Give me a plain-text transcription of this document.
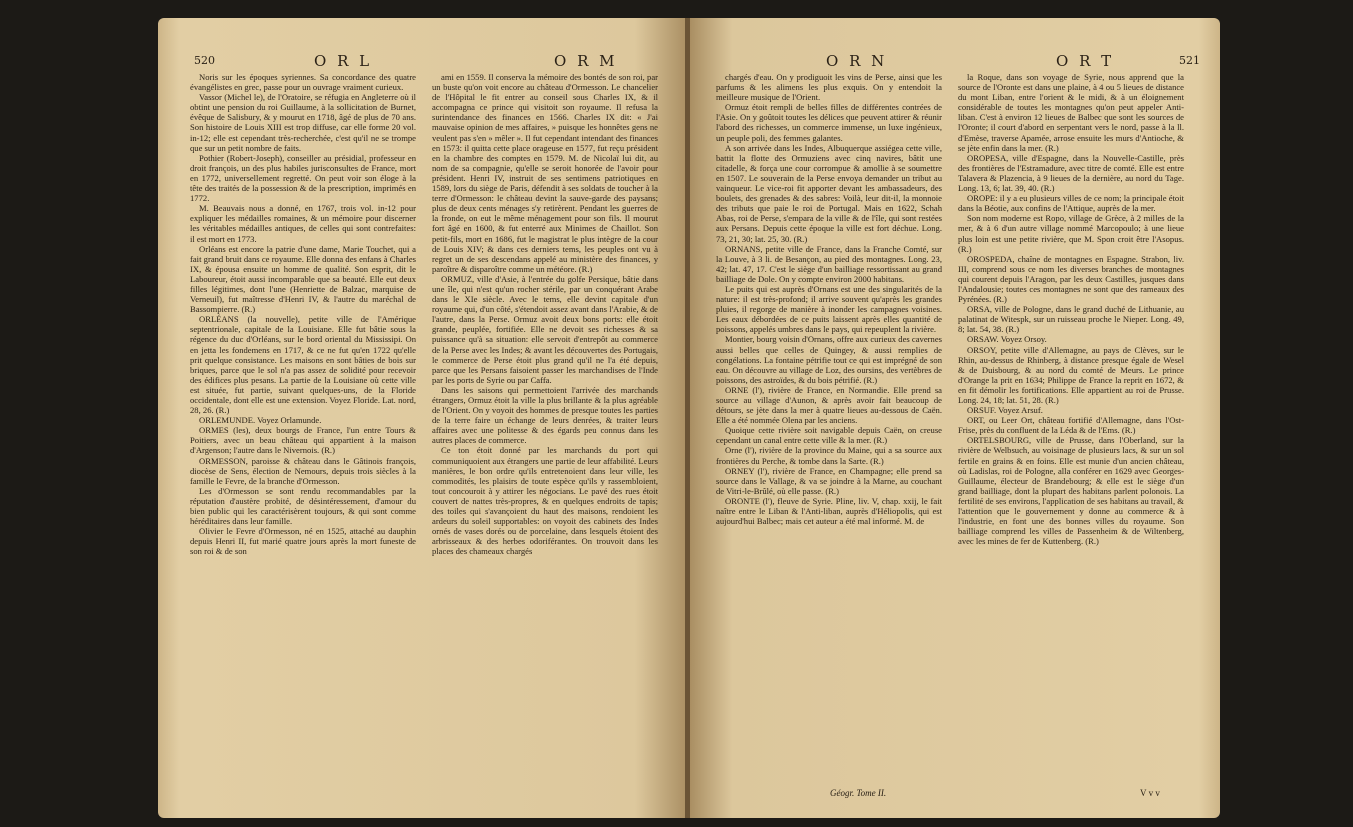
520	O R L	O R M

Noris sur les époques syriennes. Sa concordance des quatre évangélistes en grec, passe pour un ouvrage vraiment curieux.

Vassor (Michel le), de l'Oratoire, se réfugia en Angleterre où il obtint une pension du roi Guillaume, à la sollicitation de Burnet, évêque de Salisbury, & y mourut en 1718, âgé de plus de 70 ans. Son histoire de Louis XIII est trop diffuse, car elle forme 20 vol. in-12; elle est cependant très-recherchée, c'est qu'il ne se trompe que sur un petit nombre de faits.

Pothier (Robert-Joseph), conseiller au présidial, professeur en droit françois, un des plus habiles jurisconsultes de France, mort en 1772, universellement regretté. On peut voir son éloge à la tête des traités de la possession & de la prescription, imprimés en 1772.

M. Beauvais nous a donné, en 1767, trois vol. in-12 pour expliquer les médailles romaines, & un mémoire pour discerner les véritables médailles antiques, de celles qui sont contrefaites: il est mort en 1773.

Orléans est encore la patrie d'une dame, Marie Touchet, qui a fait grand bruit dans ce royaume. Elle donna des enfans à Charles IX, & épousa ensuite un homme de qualité. Son esprit, dit le Laboureur, étoit aussi incomparable que sa beauté. Elle eut deux filles légitimes, dont l'une (Henriette de Balzac, marquise de Verneuil), fut maîtresse d'Henri IV, & l'autre du maréchal de Bassompierre. (R.)

ORLÉANS (la nouvelle), petite ville de l'Amérique septentrionale, capitale de la Louisiane. Elle fut bâtie sous la régence du duc d'Orléans, sur le bord oriental du Mississipi. On en jetta les fondemens en 1717, & ce ne fut qu'en 1722 qu'elle prit quelque consistance. Les maisons en sont bâties de bois sur briques, parce que le sol n'a pas assez de solidité pour recevoir des édifices plus pesans. La partie de la Louisiane où cette ville est située, fut partie, suivant quelques-uns, de la Floride occidentale, dont elle est une extension. Voyez Floride. Lat. nord, 28, 26. (R.)

ORLEMUNDE. Voyez Orlamunde.

ORMES (les), deux bourgs de France, l'un entre Tours & Poitiers, avec un beau château qui appartient à la maison d'Argenson; l'autre dans le Nivernois. (R.)

ORMESSON, paroisse & château dans le Gâtinois françois, diocèse de Sens, élection de Nemours, depuis trois siècles à la famille le Fevre, de la branche d'Ormesson.

Les d'Ormesson se sont rendu recommandables par la réputation d'austère probité, de désintéressement, d'amour du bien public qui les caractérisèrent toujours, & qui sont comme héréditaires dans leur famille.

Olivier le Fevre d'Ormesson, né en 1525, attaché au dauphin depuis Henri II, fut marié quatre jours après la mort funeste de son roi & de son

ami en 1559. Il conserva la mémoire des bontés de son roi, par un buste qu'on voit encore au château d'Ormesson. Le chancelier de l'Hôpital le fit entrer au conseil sous Charles IX, & il accompagna ce prince qui visitoit son royaume. Il refusa la surintendance des finances en 1566. Charles IX dit: « J'ai mauvaise opinion de mes affaires, » puisque les honnêtes gens ne veulent pas s'en » mêler ». Il fut cependant intendant des finances en 1573: il quitta cette place orageuse en 1577, fut reçu président en la chambre des comptes en 1579. M. de Nicolaï lui dit, au nom de sa compagnie, qu'elle se seroit honorée de l'avoir pour président. Henri IV, instruit de ses sentimens patriotiques en 1589, lors du siège de Paris, défendit à ses soldats de toucher à la terre d'Ormesson: le château devint la sauve-garde des paysans; plus de deux cents ménages s'y retirèrent. Pendant les guerres de la fronde, on eut le même ménagement pour son fils. Il mourut fort âgé en 1600, & fut enterré aux Minimes de Chaillot. Son petit-fils, mort en 1686, fut le magistrat le plus intègre de la cour de Louis XIV; & dans ces derniers tems, les peuples ont vu à regret un de ses descendans appelé au ministère des finances, y paroître & disparoître comme un météore. (R.)

ORMUZ, ville d'Asie, à l'entrée du golfe Persique, bâtie dans une île, qui n'est qu'un rocher stérile, par un conquérant Arabe dans le XIe siècle. Avec le tems, elle devint capitale d'un royaume qui, d'un côté, s'étendoit assez avant dans l'Arabie, & de l'autre, dans la Perse. Ormuz avoit deux bons ports: elle étoit grande, peuplée, fortifiée. Elle ne devoit ses richesses & sa puissance qu'à sa situation: elle servoit d'entrepôt au commerce de la Perse avec les Indes; & avant les découvertes des Portugais, le commerce de Perse étoit plus grand qu'il ne l'a été depuis, parce que les Persans faisoient passer les marchandises de l'Inde par les ports de Syrie ou par Caffa.

Dans les saisons qui permettoient l'arrivée des marchands étrangers, Ormuz étoit la ville la plus brillante & la plus agréable de l'Orient. On y voyoit des hommes de presque toutes les parties de la terre faire un échange de leurs denrées, & traiter leurs affaires avec une politesse & des égards peu connus dans les autres places de commerce.

Ce ton étoit donné par les marchands du port qui communiquoient aux étrangers une partie de leur affabilité. Leurs manières, le bon ordre qu'ils entretenoient dans leur ville, les commodités, les plaisirs de toute espèce qu'ils y rassembloient, tout concouroit à y attirer les négocians. Le pavé des rues étoit couvert de nattes très-propres, & en quelques endroits de tapis; des toiles qui s'avançoient du haut des maisons, rendoient les ardeurs du soleil supportables: on voyoit des cabinets des Indes ornés de vases dorés ou de porcelaine, dans lesquels étoient des arbrisseaux & des herbes odoriférantes. On trouvoit dans les places des chameaux chargés

521
O R N	O R T

chargés d'eau. On y prodiguoit les vins de Perse, ainsi que les parfums & les alimens les plus exquis. On y entendoit la meilleure musique de l'Orient.

Ormuz étoit rempli de belles filles de différentes contrées de l'Asie. On y goûtoit toutes les délices que peuvent attirer & réunir l'abord des richesses, un commerce immense, un luxe ingénieux, un peuple poli, des femmes galantes.

A son arrivée dans les Indes, Albuquerque assiégea cette ville, battit la flotte des Ormuziens avec cinq navires, bâtit une citadelle, & força une cour corrompue & amollie à se soumettre en 1507. Le souverain de la Perse envoya demander un tribut au vainqueur. Le vice-roi fit apporter devant les ambassadeurs, des boulets, des grenades & des sabres: Voilà, leur dit-il, la monnoie des tributs que paie le roi de Portugal. Mais en 1622, Schah Abas, roi de Perse, s'empara de la ville & de l'île, qui sont restées aux Persans. Depuis cette époque la ville est fort déchue. Long. 73, 21, 30; lat. 25, 30. (R.)

ORNANS, petite ville de France, dans la Franche Comté, sur la Louve, à 3 li. de Besançon, au pied des montagnes. Long. 23, 42; lat. 47, 17. C'est le siège d'un bailliage ressortissant au grand bailliage de Dole. On y compte environ 2000 habitans.

Le puits qui est auprès d'Ornans est une des singularités de la nature: il est très-profond; il arrive souvent qu'après les grandes pluies, il regorge de manière à inonder les campagnes voisines. Les eaux débordées de ce puits laissent après elles quantité de poissons, appelés umbres dans le pays, qui repeuplent la rivière.

Montier, bourg voisin d'Ornans, offre aux curieux des cavernes aussi belles que celles de Quingey, & aussi remplies de congélations. La fontaine pétrifie tout ce qui est imprégné de son eau. On découvre au village de Loz, des oursins, des vertèbres de poissons, des astroïdes, & du bois pétrifié. (R.)

ORNE (l'), rivière de France, en Normandie. Elle prend sa source au village d'Aunon, & après avoir fait beaucoup de détours, se jète dans la mer à quatre lieues au-dessous de Caën. Elle a été nommée Olena par les anciens.

Quoique cette rivière soit navigable depuis Caën, on creuse cependant un canal entre cette ville & la mer. (R.)

Orne (l'), rivière de la province du Maine, qui a sa source aux frontières du Perche, & tombe dans la Sarte. (R.)

ORNEY (l'), rivière de France, en Champagne; elle prend sa source dans le Vallage, & va se joindre à la Marne, au couchant de Vitri-le-Brûlé, où elle passe. (R.)

ORONTE (l'), fleuve de Syrie. Pline, liv. V, chap. xxij, le fait naître entre le Liban & l'Anti-liban, auprès d'Héliopolis, qui est aujourd'hui Balbec; mais cet auteur a été mal informé. M. de

la Roque, dans son voyage de Syrie, nous apprend que la source de l'Oronte est dans une plaine, à 4 ou 5 lieues de distance du mont Liban, entre l'orient & le midi, & à un éloignement considérable de toutes les montagnes qu'on peut appeler Anti-liban. C'est à environ 12 lieues de Balbec que sont les sources de l'Oronte; il court d'abord en serpentant vers le nord, passe à la ll. d'Emèse, traverse Apamée, arrose ensuite les murs d'Antioche, & se jète enfin dans la mer. (R.)

OROPESA, ville d'Espagne, dans la Nouvelle-Castille, près des frontières de l'Estramadure, avec titre de comté. Elle est entre Talavera & Plazencia, à 9 lieues de la dernière, au nord du Tage. Long. 13, 6; lat. 39, 40. (R.)

OROPE: il y a eu plusieurs villes de ce nom; la principale étoit dans la Béotie, aux confins de l'Attique, auprès de la mer.

Son nom moderne est Ropo, village de Grèce, à 2 milles de la mer, & à 6 d'un autre village nommé Marcopoulo; à une lieue plus loin est une petite rivière, que M. Spon croit être l'Asopus. (R.)

OROSPEDA, chaîne de montagnes en Espagne. Strabon, liv. III, comprend sous ce nom les diverses branches de montagnes qui courent depuis l'Aragon, par les deux Castilles, jusques dans l'Andalousie; toutes ces montagnes ne sont que des rameaux des Pyrénées. (R.)

ORSA, ville de Pologne, dans le grand duché de Lithuanie, au palatinat de Witespk, sur un ruisseau proche le Nieper. Long. 49, 8; lat. 54, 38. (R.)

ORSAW. Voyez Orsoy.

ORSOY, petite ville d'Allemagne, au pays de Clèves, sur le Rhin, au-dessus de Rhinberg, à distance presque égale de Wesel & de Duisbourg, & au nord du comté de Meurs. Le prince d'Orange la prit en 1634; Philippe de France la reprit en 1672, & en fit démolir les fortifications. Elle appartient au roi de Prusse. Long. 24, 18; lat. 51, 28. (R.)

ORSUF. Voyez Arsuf.

ORT, ou Leer Ort, château fortifié d'Allemagne, dans l'Ost-Frise, près du confluent de la Léda & de l'Ems. (R.)

ORTELSBOURG, ville de Prusse, dans l'Oberland, sur la rivière de Welbsuch, au voisinage de plusieurs lacs, & sur un sol fertile en grains & en foins. Elle est munie d'un ancien château, où Ladislas, roi de Pologne, alla conférer en 1629 avec Georges-Guillaume, électeur de Brandebourg; & elle est le siège d'un grand bailliage, dont la plupart des habitans parlent polonois. La fertilité de ses environs, l'application de ses habitans au travail, & l'attention que le gouvernement y donne au commerce & à l'industrie, en font une des bonnes villes du royaume. Son bailliage comprend les villes de Passenheim & de Wiltenberg, avec les mines de fer de Kuttenberg. (R.)

Géogr. Tome II.	V v v
